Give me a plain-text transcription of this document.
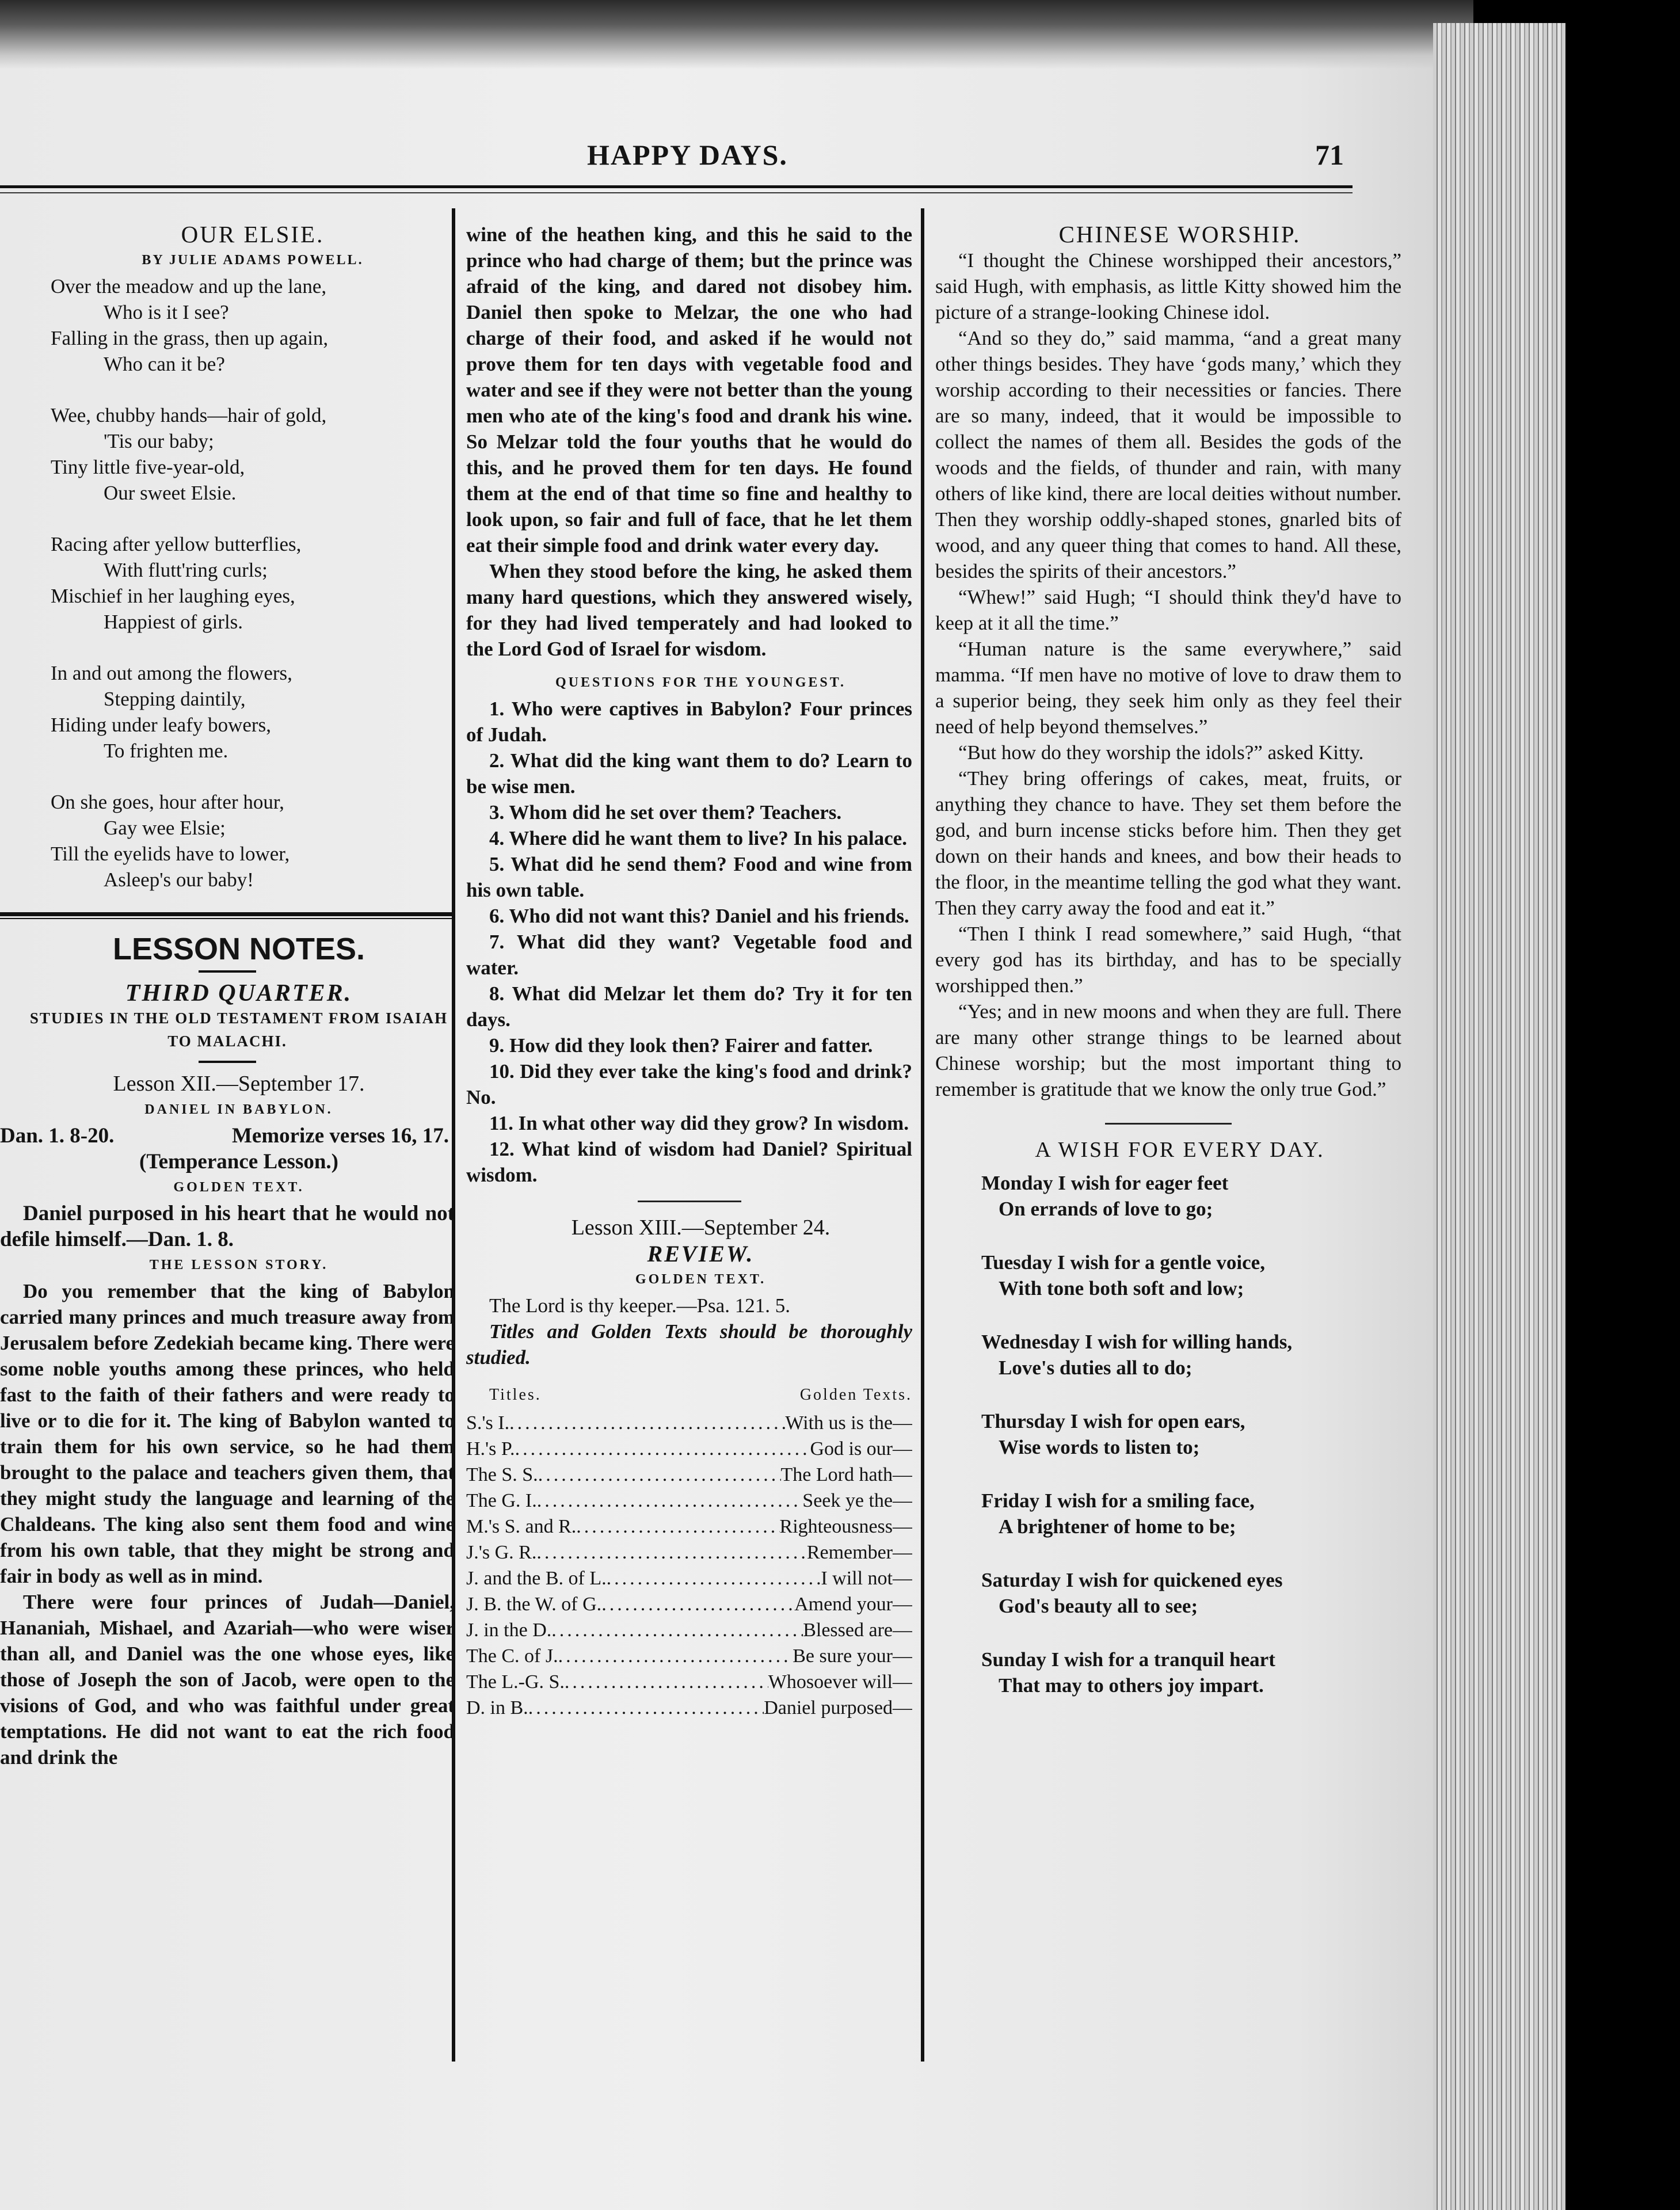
HAPPY DAYS.	71

OUR ELSIE.

BY JULIE ADAMS POWELL.

Over the meadow and up the lane,

Who is it I see?

Falling in the grass, then up again,

Who can it be?

Wee, chubby hands—hair of gold,

'Tis our baby;

Tiny little five-year-old,

Our sweet Elsie.

Racing after yellow butterflies,

With flutt'ring curls;

Mischief in her laughing eyes,

Happiest of girls.

In and out among the flowers,

Stepping daintily,

Hiding under leafy bowers,

To frighten me.

On she goes, hour after hour,

Gay wee Elsie;

Till the eyelids have to lower,

Asleep's our baby!

LESSON NOTES.

THIRD QUARTER.

STUDIES IN THE OLD TESTAMENT FROM ISAIAH TO MALACHI.

Lesson XII.—September 17.

DANIEL IN BABYLON.

Dan. 1. 8-20.	Memorize verses 16, 17.

(Temperance Lesson.)

GOLDEN TEXT.

Daniel purposed in his heart that he would not defile himself.—Dan. 1. 8.

THE LESSON STORY.

Do you remember that the king of Babylon carried many princes and much treasure away from Jerusalem before Zedekiah became king. There were some noble youths among these princes, who held fast to the faith of their fathers and were ready to live or to die for it. The king of Babylon wanted to train them for his own service, so he had them brought to the palace and teachers given them, that they might study the language and learning of the Chaldeans. The king also sent them food and wine from his own table, that they might be strong and fair in body as well as in mind.

There were four princes of Judah—Daniel, Hananiah, Mishael, and Azariah—who were wiser than all, and Daniel was the one whose eyes, like those of Joseph the son of Jacob, were open to the visions of God, and who was faithful under great temptations. He did not want to eat the rich food and drink the

wine of the heathen king, and this he said to the prince who had charge of them; but the prince was afraid of the king, and dared not disobey him. Daniel then spoke to Melzar, the one who had charge of their food, and asked if he would not prove them for ten days with vegetable food and water and see if they were not better than the young men who ate of the king's food and drank his wine. So Melzar told the four youths that he would do this, and he proved them for ten days. He found them at the end of that time so fine and healthy to look upon, so fair and full of face, that he let them eat their simple food and drink water every day.

When they stood before the king, he asked them many hard questions, which they answered wisely, for they had lived temperately and had looked to the Lord God of Israel for wisdom.

QUESTIONS FOR THE YOUNGEST.

1. Who were captives in Babylon? Four princes of Judah.

2. What did the king want them to do? Learn to be wise men.

3. Whom did he set over them? Teachers.

4. Where did he want them to live? In his palace.

5. What did he send them? Food and wine from his own table.

6. Who did not want this? Daniel and his friends.

7. What did they want? Vegetable food and water.

8. What did Melzar let them do? Try it for ten days.

9. How did they look then? Fairer and fatter.

10. Did they ever take the king's food and drink? No.

11. In what other way did they grow? In wisdom.

12. What kind of wisdom had Daniel? Spiritual wisdom.

Lesson XIII.—September 24.

REVIEW.

GOLDEN TEXT.

The Lord is thy keeper.—Psa. 121. 5.

Titles and Golden Texts should be thoroughly studied.

Titles.	Golden Texts.
S.'s I. .....	With us is the—
H.'s P. .....	God is our—
The S. S. .....	The Lord hath—
The G. I. .....	Seek ye the—
M.'s S. and R. .....	Righteousness—
J.'s G. R. .....	Remember—
J. and the B. of L. .....	I will not—
J. B. the W. of G. .....	Amend your—
J. in the D. .....	Blessed are—
The C. of J. .....	Be sure your—
The L.-G. S. .....	Whosoever will—
D. in B. .....	Daniel purposed—

CHINESE WORSHIP.

“I thought the Chinese worshipped their ancestors,” said Hugh, with emphasis, as little Kitty showed him the picture of a strange-looking Chinese idol.

“And so they do,” said mamma, “and a great many other things besides. They have ‘gods many,’ which they worship according to their necessities or fancies. There are so many, indeed, that it would be impossible to collect the names of them all. Besides the gods of the woods and the fields, of thunder and rain, with many others of like kind, there are local deities without number. Then they worship oddly-shaped stones, gnarled bits of wood, and any queer thing that comes to hand. All these, besides the spirits of their ancestors.”

“Whew!” said Hugh; “I should think they'd have to keep at it all the time.”

“Human nature is the same everywhere,” said mamma. “If men have no motive of love to draw them to a superior being, they seek him only as they feel their need of help beyond themselves.”

“But how do they worship the idols?” asked Kitty.

“They bring offerings of cakes, meat, fruits, or anything they chance to have. They set them before the god, and burn incense sticks before him. Then they get down on their hands and knees, and bow their heads to the floor, in the meantime telling the god what they want. Then they carry away the food and eat it.”

“Then I think I read somewhere,” said Hugh, “that every god has its birthday, and has to be specially worshipped then.”

“Yes; and in new moons and when they are full. There are many other strange things to be learned about Chinese worship; but the most important thing to remember is gratitude that we know the only true God.”

A WISH FOR EVERY DAY.

Monday I wish for eager feet

On errands of love to go;

Tuesday I wish for a gentle voice,

With tone both soft and low;

Wednesday I wish for willing hands,

Love's duties all to do;

Thursday I wish for open ears,

Wise words to listen to;

Friday I wish for a smiling face,

A brightener of home to be;

Saturday I wish for quickened eyes

God's beauty all to see;

Sunday I wish for a tranquil heart

That may to others joy impart.
